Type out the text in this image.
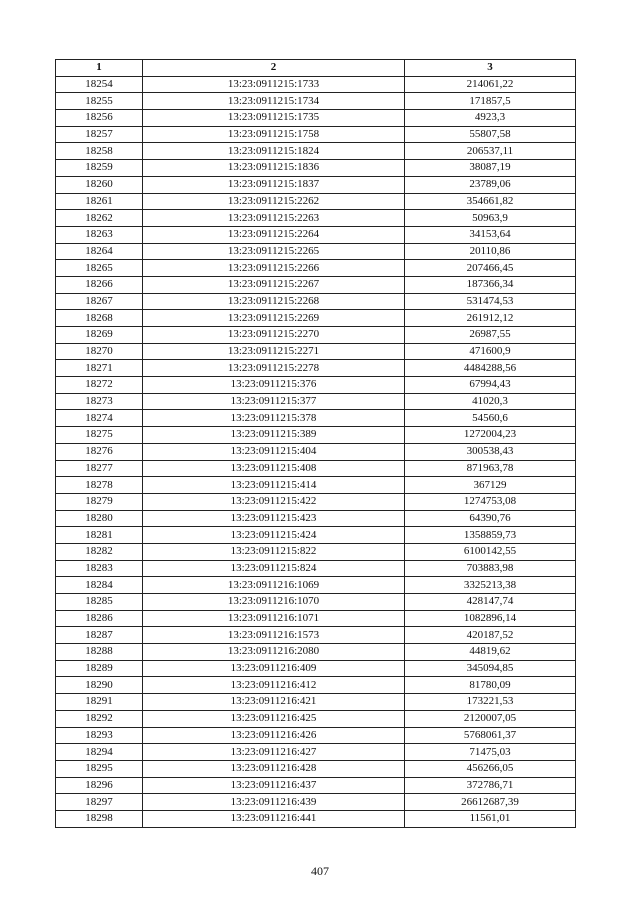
1	2	3
18254	13:23:0911215:1733	214061,22
18255	13:23:0911215:1734	171857,5
18256	13:23:0911215:1735	4923,3
18257	13:23:0911215:1758	55807,58
18258	13:23:0911215:1824	206537,11
18259	13:23:0911215:1836	38087,19
18260	13:23:0911215:1837	23789,06
18261	13:23:0911215:2262	354661,82
18262	13:23:0911215:2263	50963,9
18263	13:23:0911215:2264	34153,64
18264	13:23:0911215:2265	20110,86
18265	13:23:0911215:2266	207466,45
18266	13:23:0911215:2267	187366,34
18267	13:23:0911215:2268	531474,53
18268	13:23:0911215:2269	261912,12
18269	13:23:0911215:2270	26987,55
18270	13:23:0911215:2271	471600,9
18271	13:23:0911215:2278	4484288,56
18272	13:23:0911215:376	67994,43
18273	13:23:0911215:377	41020,3
18274	13:23:0911215:378	54560,6
18275	13:23:0911215:389	1272004,23
18276	13:23:0911215:404	300538,43
18277	13:23:0911215:408	871963,78
18278	13:23:0911215:414	367129
18279	13:23:0911215:422	1274753,08
18280	13:23:0911215:423	64390,76
18281	13:23:0911215:424	1358859,73
18282	13:23:0911215:822	6100142,55
18283	13:23:0911215:824	703883,98
18284	13:23:0911216:1069	3325213,38
18285	13:23:0911216:1070	428147,74
18286	13:23:0911216:1071	1082896,14
18287	13:23:0911216:1573	420187,52
18288	13:23:0911216:2080	44819,62
18289	13:23:0911216:409	345094,85
18290	13:23:0911216:412	81780,09
18291	13:23:0911216:421	173221,53
18292	13:23:0911216:425	2120007,05
18293	13:23:0911216:426	5768061,37
18294	13:23:0911216:427	71475,03
18295	13:23:0911216:428	456266,05
18296	13:23:0911216:437	372786,71
18297	13:23:0911216:439	26612687,39
18298	13:23:0911216:441	11561,01
407
